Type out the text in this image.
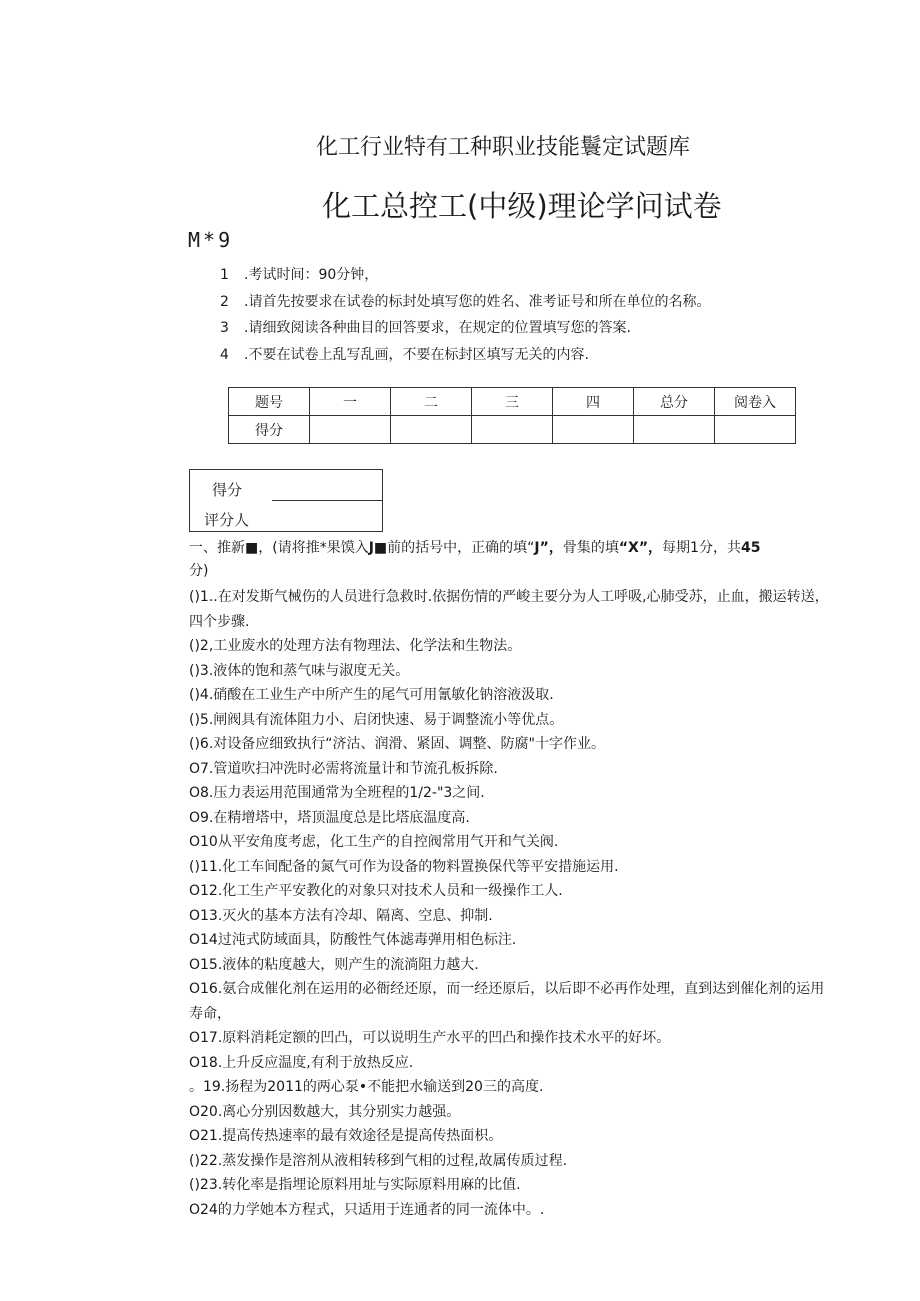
化工行业特有工种职业技能鬟定试题库
化工总控工(中级)理论学问试卷
M*9
1 .考试时间：90分钟，
2 .请首先按要求在试卷的标封处填写您的姓名、准考证号和所在单位的名称。
3 .请细致阅读各种曲目的回答要求，在规定的位置填写您的答案.
4 .不要在试卷上乱写乱画，不要在标封区填写无关的内容.
题号	一	二	三	四	总分	阅卷入
得分						
得分
评分人
一、推新■，(请将推*果馍入J■前的括号中，正确的填“J”，骨集的填“X”，每期1分，共45
分)
()1..在对发斯气械伤的人员进行急救时.依据伤情的严峻主要分为人工呼吸,心肺受苏，止血，搬运转送，四个步骤.
()2,工业废水的处理方法有物理法、化学法和生物法。
()3.液体的饱和蒸气味与淑度无关。
()4.硝酸在工业生产中所产生的尾气可用氰敏化钠溶液汲取.
()5.闸阀具有流体阻力小、启闭快速、易于调整流小等优点。
()6.对设备应细致执行“济沽、润滑、紧固、调整、防腐"十字作业。
O7.管道吹扫冲洗时必需将流量计和节流孔板拆除.
O8.压力表运用范围通常为全班程的1/2-"3之间.
O9.在精增塔中，塔顶温度总是比塔底温度高.
O10从平安角度考虑，化工生产的自控阀常用气开和气关阀.
()11.化工车间配备的氮气可作为设备的物料置换保代等平安措施运用.
O12.化工生产平安教化的对象只对技术人员和一级操作工人.
O13.灭火的基本方法有冷却、隔离、空息、抑制.
O14过沌式防域面具，防酸性气体滤毒弹用相色标注.
O15.液体的粘度越大，则产生的流淌阻力越大.
O16.氨合成催化剂在运用的必衙经还原，而一经还原后，以后即不必再作处理，直到达到催化剂的运用寿命，
O17.原料消耗定额的凹凸，可以说明生产水平的凹凸和操作技术水平的好坏。
O18.上升反应温度,有利于放热反应.
。19.扬程为2011的两心泵•不能把水输送到20三的高度.
O20.离心分别因数越大，其分别实力越强。
O21.提高传热速率的最有效途径是提高传热面枳。
()22.蒸发操作是溶剂从液相转移到气相的过程,故属传质过程.
()23.转化率是指埋论原料用址与实际原料用麻的比值.
O24的力学她本方程式，只适用于连通者的同一流体中。.
